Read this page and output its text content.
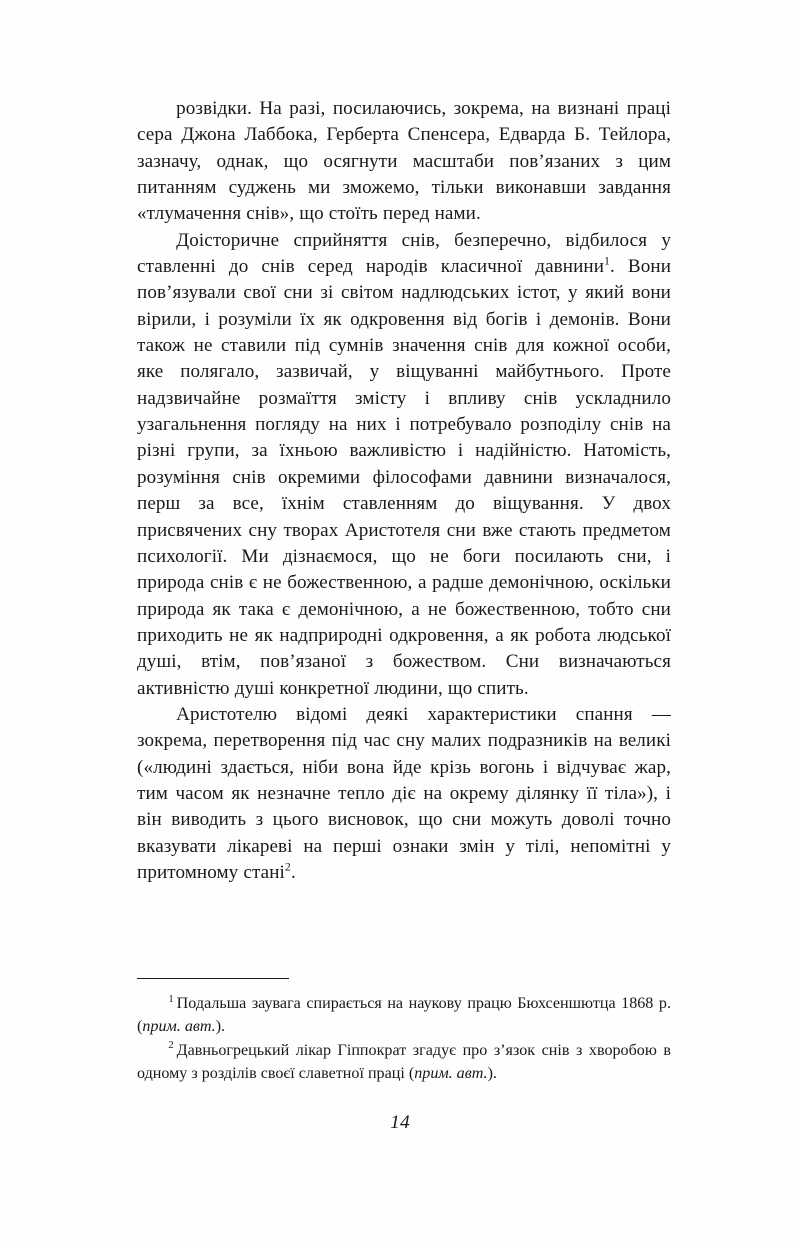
розвідки. На разі, посилаючись, зокрема, на визнані праці сера Джона Лаббока, Герберта Спенсера, Едварда Б. Тейлора, зазначу, однак, що осягнути масштаби пов’язаних з цим питанням суджень ми зможемо, тільки виконавши завдання «тлумачення снів», що стоїть перед нами.

Доісторичне сприйняття снів, безперечно, відбилося у ставленні до снів серед народів класичної давнини$^1$. Вони пов’язували свої сни зі світом надлюдських істот, у який вони вірили, і розуміли їх як одкровення від богів і демонів. Вони також не ставили під сумнів значення снів для кожної особи, яке полягало, зазвичай, у віщуванні майбутнього. Проте надзвичайне розмаїття змісту і впливу снів ускладнило узагальнення погляду на них і потребувало розподілу снів на різні групи, за їхньою важливістю і надійністю. Натомість, розуміння снів окремими філософами давнини визначалося, перш за все, їхнім ставленням до віщування. У двох присвячених сну творах Аристотеля сни вже стають предметом психології. Ми дізнаємося, що не боги посилають сни, і природа снів є не божественною, а радше демонічною, оскільки природа як така є демонічною, а не божественною, тобто сни приходить не як надприродні одкровення, а як робота людської душі, втім, пов’язаної з божеством. Сни визначаються активністю душі конкретної людини, що спить.

Аристотелю відомі деякі характеристики спання — зокрема, перетворення під час сну малих подразників на великі («людині здається, ніби вона йде крізь вогонь і відчуває жар, тим часом як незначне тепло діє на окрему ділянку її тіла»), і він виводить з цього висновок, що сни можуть доволі точно вказувати лікареві на перші ознаки змін у тілі, непомітні у притомному стані$^2$.

$^1$ Подальша заувага спирається на наукову працю Бюхсеншютца 1868 р. (прим. авт.).

$^2$ Давньогрецький лікар Гіппократ згадує про з’язок снів з хворобою в одному з розділів своєї славетної праці (прим. авт.).

14
